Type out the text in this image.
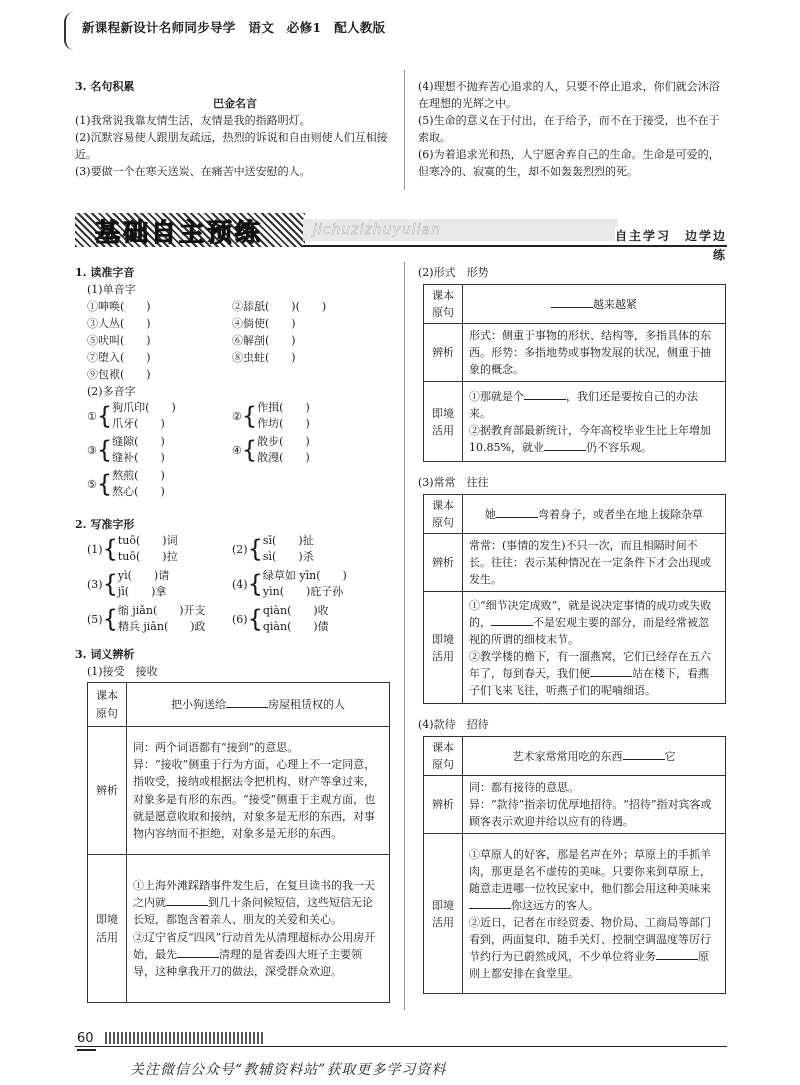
新课程新设计名师同步导学　语文　必修1　配人教版
3. 名句积累
巴金名言
(1)我常说我靠友情生活，友情是我的指路明灯。
(2)沉默容易使人跟朋友疏远，热烈的诉说和自由则使人们互相接近。
(3)要做一个在寒天送炭、在痛苦中送安慰的人。
(4)理想不抛弃苦心追求的人，只要不停止追求，你们就会沐浴在理想的光辉之中。
(5)生命的意义在于付出，在于给予，而不在于接受，也不在于索取。
(6)为着追求光和热，人宁愿舍弃自己的生命。生命是可爱的，但寒冷的、寂寞的生，却不如轰轰烈烈的死。
基础自主预练	jichuzizhuyulian	自主学习　边学边练
1. 读准字音
(1)单音字
①呻唤(　　)	②舔舐(　　)(　　)
③人丛(　　)	④倘使(　　)
⑤吠叫(　　)	⑥解剖(　　)
⑦堕入(　　)	⑧虫蛀(　　)
⑨包袱(　　)
(2)多音字
① { 狗爪印(　　)
爪牙(　　)
② { 作揖(　　)
作坊(　　)
③ { 缝隙(　　)
缝补(　　)
④ { 散步(　　)
散漫(　　)
⑤ { 熬煎(　　)
熬心(　　)
2. 写准字形
(1) { tuō(　　)词
tuō(　　)拉
(2) { sī(　　)扯
sì(　　)杀
(3) { yì(　　)请
jī(　　)拿
(4) { 绿草如 yīn(　　)
yìn(　　)庇子孙
(5) { 缩 jiǎn(　　)开支
精兵 jiǎn(　　)政
(6) { qiàn(　　)收
qiàn(　　)债
3. 词义辨析
(1)接受　接收
课本原句	把小狗送给 房屋租赁权的人
辨析	同：两个词语都有“接到”的意思。
异：“接收”侧重于行为方面，心理上不一定同意，指收受，接纳或根据法令把机构、财产等拿过来，对象多是有形的东西。“接受”侧重于主观方面，也就是愿意收取和接纳，对象多是无形的东西，对事物内容纳而不拒绝，对象多是无形的东西。
即境活用	①上海外滩踩踏事件发生后，在复旦读书的我一天之内就 到几十条问候短信，这些短信无论长短，都饱含着亲人、朋友的关爱和关心。
②辽宁省反“四风”行动首先从清理超标办公用房开始，最先 清理的是省委四大班子主要领导，这种拿我开刀的做法，深受群众欢迎。
(2)形式　形势
课本原句	越来越紧
辨析	形式：侧重于事物的形状、结构等，多指具体的东西。形势：多指地势或事物发展的状况，侧重于抽象的概念。
即境活用	①那就是个 ，我们还是要按自己的办法来。
②据教育部最新统计，今年高校毕业生比上年增加10.85%，就业 仍不容乐观。
(3)常常　往往
课本原句	她 弯着身子，或者坐在地上拔除杂草
辨析	常常：(事情的发生)不只一次，而且相隔时间不长。往往：表示某种情况在一定条件下才会出现或发生。
即境活用	①“细节决定成败”，就是说决定事情的成功或失败的， 不是宏观主要的部分，而是经常被忽视的所谓的细枝末节。
②教学楼的檐下，有一溜燕窝，它们已经存在五六年了，每到春天，我们便 站在楼下，看燕子们飞来飞往，听燕子们的呢喃细语。
(4)款待　招待
课本原句	艺术家常常用吃的东西 它
辨析	同：都有接待的意思。
异：“款待”指亲切优厚地招待。“招待”指对宾客或顾客表示欢迎并给以应有的待遇。
即境活用	①草原人的好客，那是名声在外；草原上的手抓羊肉，那更是名不虚传的美味。只要你来到草原上，随意走进哪一位牧民家中，他们都会用这种美味来你这远方的客人。
②近日，记者在市经贸委、物价局、工商局等部门看到，两面复印、随手关灯、控制空调温度等厉行节约行为已蔚然成风，不少单位将业务 原则上都安排在食堂里。
60
关注微信公众号“教辅资料站”获取更多学习资料
